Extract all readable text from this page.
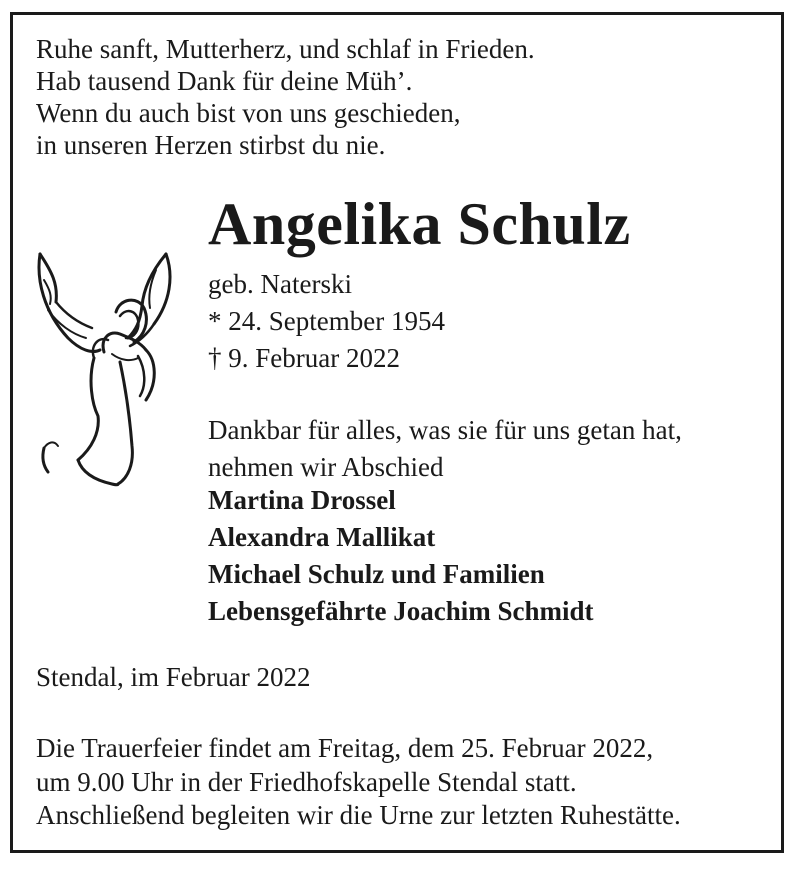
Ruhe sanft, Mutterherz, und schlaf in Frieden.
Hab tausend Dank für deine Müh’.
Wenn du auch bist von uns geschieden,
in unseren Herzen stirbst du nie.
Angelika Schulz
geb. Naterski
* 24. September 1954
† 9. Februar 2022
Dankbar für alles, was sie für uns getan hat,
nehmen wir Abschied
Martina Drossel
Alexandra Mallikat
Michael Schulz und Familien
Lebensgefährte Joachim Schmidt
Stendal, im Februar 2022
Die Trauerfeier findet am Freitag, dem 25. Februar 2022,
um 9.00 Uhr in der Friedhofskapelle Stendal statt.
Anschließend begleiten wir die Urne zur letzten Ruhestätte.
